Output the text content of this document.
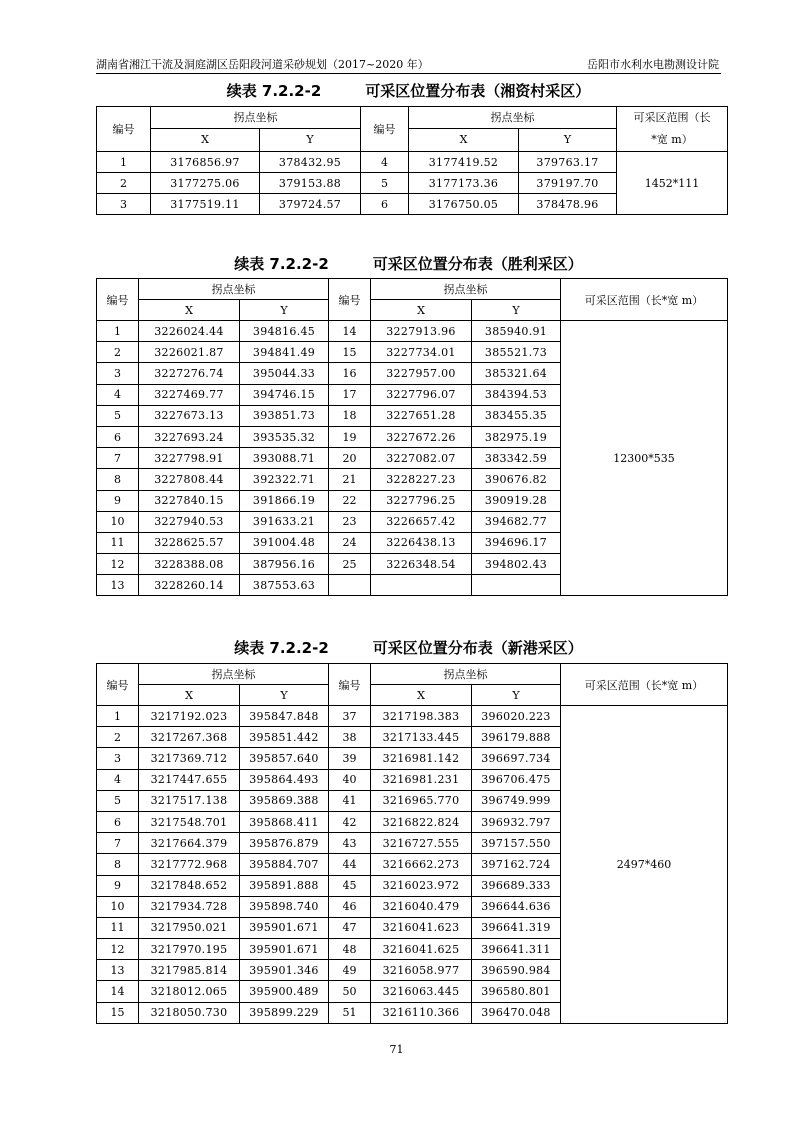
湖南省湘江干流及洞庭湖区岳阳段河道采砂规划（2017~2020 年）	岳阳市水利水电勘测设计院
续表 7.2.2-2	可采区位置分布表（湘资村采区）
编号	拐点坐标		编号	拐点坐标		可采区范围（长
*宽 m）
	X	Y		X	Y	
1	3176856.97	378432.95	4	3177419.52	379763.17	1452*111
2	3177275.06	379153.88	5	3177173.36	379197.70	
3	3177519.11	379724.57	6	3176750.05	378478.96	
续表 7.2.2-2	可采区位置分布表（胜利采区）
编号	拐点坐标		编号	拐点坐标		可采区范围（长*宽 m）
	X	Y		X	Y	
1	3226024.44	394816.45	14	3227913.96	385940.91	12300*535
2	3226021.87	394841.49	15	3227734.01	385521.73	
3	3227276.74	395044.33	16	3227957.00	385321.64	
4	3227469.77	394746.15	17	3227796.07	384394.53	
5	3227673.13	393851.73	18	3227651.28	383455.35	
6	3227693.24	393535.32	19	3227672.26	382975.19	
7	3227798.91	393088.71	20	3227082.07	383342.59	
8	3227808.44	392322.71	21	3228227.23	390676.82	
9	3227840.15	391866.19	22	3227796.25	390919.28	
10	3227940.53	391633.21	23	3226657.42	394682.77	
11	3228625.57	391004.48	24	3226438.13	394696.17	
12	3228388.08	387956.16	25	3226348.54	394802.43	
13	3228260.14	387553.63				
续表 7.2.2-2	可采区位置分布表（新港采区）
编号	拐点坐标		编号	拐点坐标		可采区范围（长*宽 m）
	X	Y		X	Y	
1	3217192.023	395847.848	37	3217198.383	396020.223	2497*460
2	3217267.368	395851.442	38	3217133.445	396179.888	
3	3217369.712	395857.640	39	3216981.142	396697.734	
4	3217447.655	395864.493	40	3216981.231	396706.475	
5	3217517.138	395869.388	41	3216965.770	396749.999	
6	3217548.701	395868.411	42	3216822.824	396932.797	
7	3217664.379	395876.879	43	3216727.555	397157.550	
8	3217772.968	395884.707	44	3216662.273	397162.724	
9	3217848.652	395891.888	45	3216023.972	396689.333	
10	3217934.728	395898.740	46	3216040.479	396644.636	
11	3217950.021	395901.671	47	3216041.623	396641.319	
12	3217970.195	395901.671	48	3216041.625	396641.311	
13	3217985.814	395901.346	49	3216058.977	396590.984	
14	3218012.065	395900.489	50	3216063.445	396580.801	
15	3218050.730	395899.229	51	3216110.366	396470.048	
71
